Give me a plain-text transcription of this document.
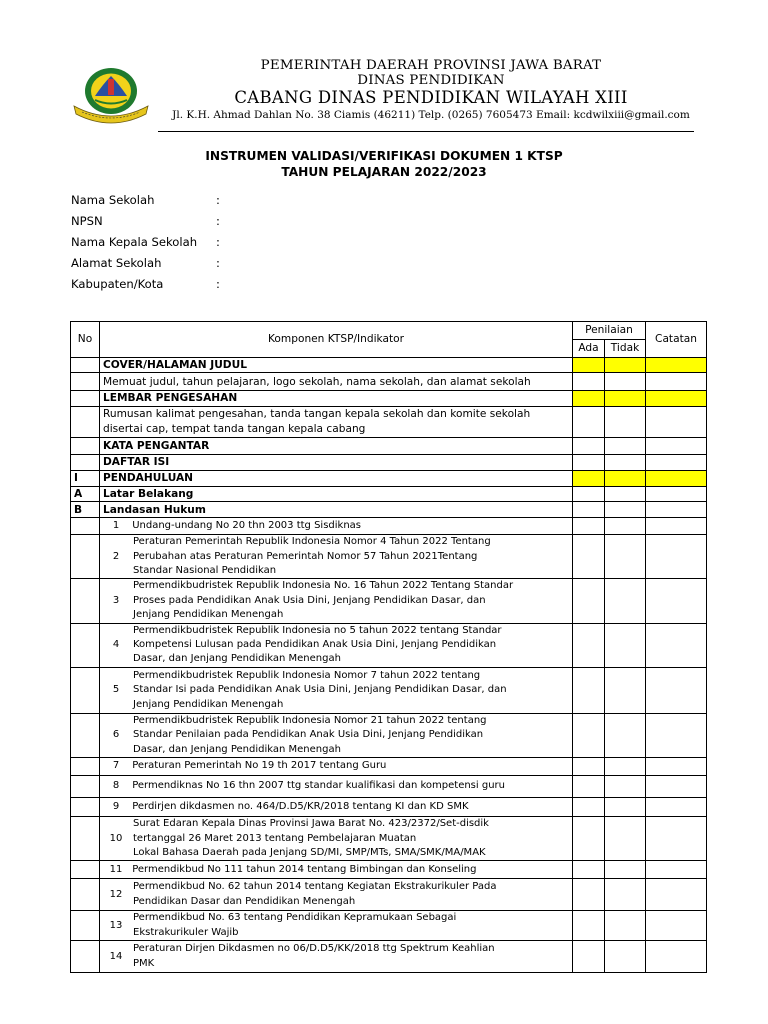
PEMERINTAH DAERAH PROVINSI JAWA BARAT
DINAS PENDIDIKAN
CABANG DINAS PENDIDIKAN WILAYAH XIII
Jl. K.H. Ahmad Dahlan No. 38 Ciamis (46211) Telp. (0265) 7605473 Email: kcdwilxiii@gmail.com
INSTRUMEN VALIDASI/VERIFIKASI DOKUMEN 1 KTSP
TAHUN PELAJARAN 2022/2023
Nama Sekolah	:
NPSN	:
Nama Kepala Sekolah :
Alamat Sekolah	:
Kabupaten/Kota	:
No	Komponen KTSP/Indikator	Penilaian		Catatan
		Ada	Tidak	
	COVER/HALAMAN JUDUL			
	Memuat judul, tahun pelajaran, logo sekolah, nama sekolah, dan alamat sekolah			
	LEMBAR PENGESAHAN			

	Rumusan kalimat pengesahan, tanda tangan kepala sekolah dan komite sekolah
disertai cap, tempat tanda tangan kepala cabang			

	KATA PENGANTAR			
	DAFTAR ISI			
I	PENDAHULUAN			
A	Latar Belakang			
B	Landasan Hukum			
	1 Undang-undang No 20 thn 2003 ttg Sisdiknas			

	2
Peraturan Pemerintah Republik Indonesia Nomor 4 Tahun 2022 Tentang
Perubahan atas Peraturan Pemerintah Nomor 57 Tahun 2021Tentang
Standar Nasional Pendidikan			

	3
Permendikbudristek Republik Indonesia No. 16 Tahun 2022 Tentang Standar
Proses pada Pendidikan Anak Usia Dini, Jenjang Pendidikan Dasar, dan
Jenjang Pendidikan Menengah			

	4
Permendikbudristek Republik Indonesia no 5 tahun 2022 tentang Standar
Kompetensi Lulusan pada Pendidikan Anak Usia Dini, Jenjang Pendidikan
Dasar, dan Jenjang Pendidikan Menengah			

	5
Permendikbudristek Republik Indonesia Nomor 7 tahun 2022 tentang
Standar Isi pada Pendidikan Anak Usia Dini, Jenjang Pendidikan Dasar, dan
Jenjang Pendidikan Menengah			

	6
Permendikbudristek Republik Indonesia Nomor 21 tahun 2022 tentang
Standar Penilaian pada Pendidikan Anak Usia Dini, Jenjang Pendidikan
Dasar, dan Jenjang Pendidikan Menengah			

	7 Peraturan Pemerintah No 19 th 2017 tentang Guru			
	8 Permendiknas No 16 thn 2007 ttg standar kualifikasi dan kompetensi guru			
	9 Perdirjen dikdasmen no. 464/D.D5/KR/2018 tentang KI dan KD SMK			

	10
Surat Edaran Kepala Dinas Provinsi Jawa Barat No. 423/2372/Set-disdik
tertanggal 26 Maret 2013 tentang Pembelajaran Muatan
Lokal Bahasa Daerah pada Jenjang SD/MI, SMP/MTs, SMA/SMK/MA/MAK			

	11 Permendikbud No 111 tahun 2014 tentang Bimbingan dan Konseling			

	12
Permendikbud No. 62 tahun 2014 tentang Kegiatan Ekstrakurikuler Pada
Pendidikan Dasar dan Pendidikan Menengah			

	13
Permendikbud No. 63 tentang Pendidikan Kepramukaan Sebagai
Ekstrakurikuler Wajib			

	14
Peraturan Dirjen Dikdasmen no 06/D.D5/KK/2018 ttg Spektrum Keahlian
PMK			
